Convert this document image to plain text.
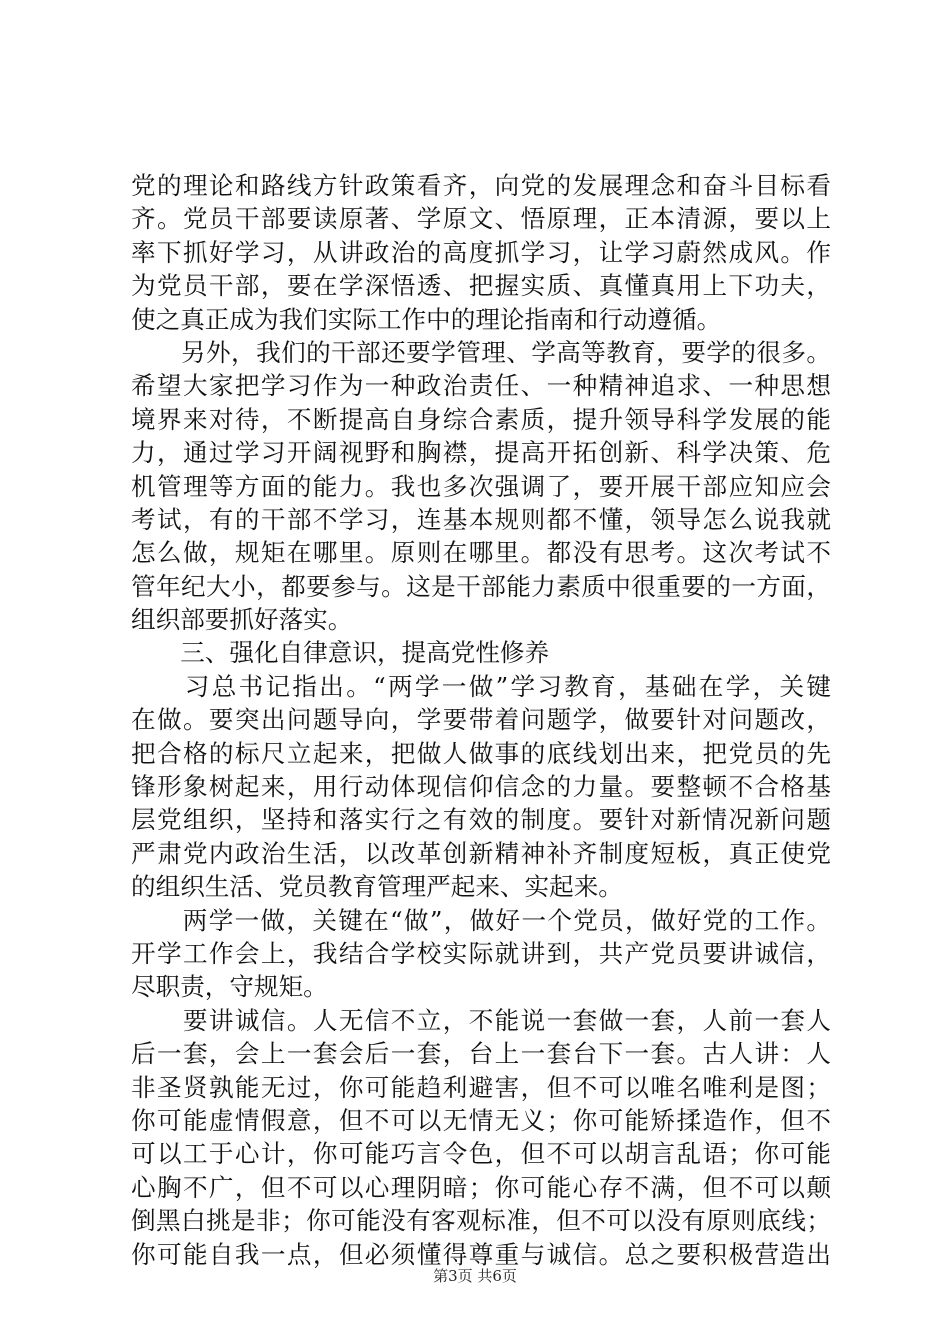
党的理论和路线方针政策看齐，向党的发展理念和奋斗目标看
齐。党员干部要读原著、学原文、悟原理，正本清源，要以上
率下抓好学习，从讲政治的高度抓学习，让学习蔚然成风。作
为党员干部，要在学深悟透、把握实质、真懂真用上下功夫，
使之真正成为我们实际工作中的理论指南和行动遵循。
　　另外，我们的干部还要学管理、学高等教育，要学的很多。
希望大家把学习作为一种政治责任、一种精神追求、一种思想
境界来对待，不断提高自身综合素质，提升领导科学发展的能
力，通过学习开阔视野和胸襟，提高开拓创新、科学决策、危
机管理等方面的能力。我也多次强调了，要开展干部应知应会
考试，有的干部不学习，连基本规则都不懂，领导怎么说我就
怎么做，规矩在哪里。原则在哪里。都没有思考。这次考试不
管年纪大小，都要参与。这是干部能力素质中很重要的一方面，
组织部要抓好落实。
　　三、强化自律意识，提高党性修养
　　习总书记指出。“两学一做”学习教育，基础在学，关键
在做。要突出问题导向，学要带着问题学，做要针对问题改，
把合格的标尺立起来，把做人做事的底线划出来，把党员的先
锋形象树起来，用行动体现信仰信念的力量。要整顿不合格基
层党组织，坚持和落实行之有效的制度。要针对新情况新问题
严肃党内政治生活，以改革创新精神补齐制度短板，真正使党
的组织生活、党员教育管理严起来、实起来。
　　两学一做，关键在“做”，做好一个党员，做好党的工作。
开学工作会上，我结合学校实际就讲到，共产党员要讲诚信，
尽职责，守规矩。
　　要讲诚信。人无信不立，不能说一套做一套，人前一套人
后一套，会上一套会后一套，台上一套台下一套。古人讲：人
非圣贤孰能无过，你可能趋利避害，但不可以唯名唯利是图；
你可能虚情假意，但不可以无情无义；你可能矫揉造作，但不
可以工于心计，你可能巧言令色，但不可以胡言乱语；你可能
心胸不广，但不可以心理阴暗；你可能心存不满，但不可以颠
倒黑白挑是非；你可能没有客观标准，但不可以没有原则底线；
你可能自我一点，但必须懂得尊重与诚信。总之要积极营造出
第3页 共6页
